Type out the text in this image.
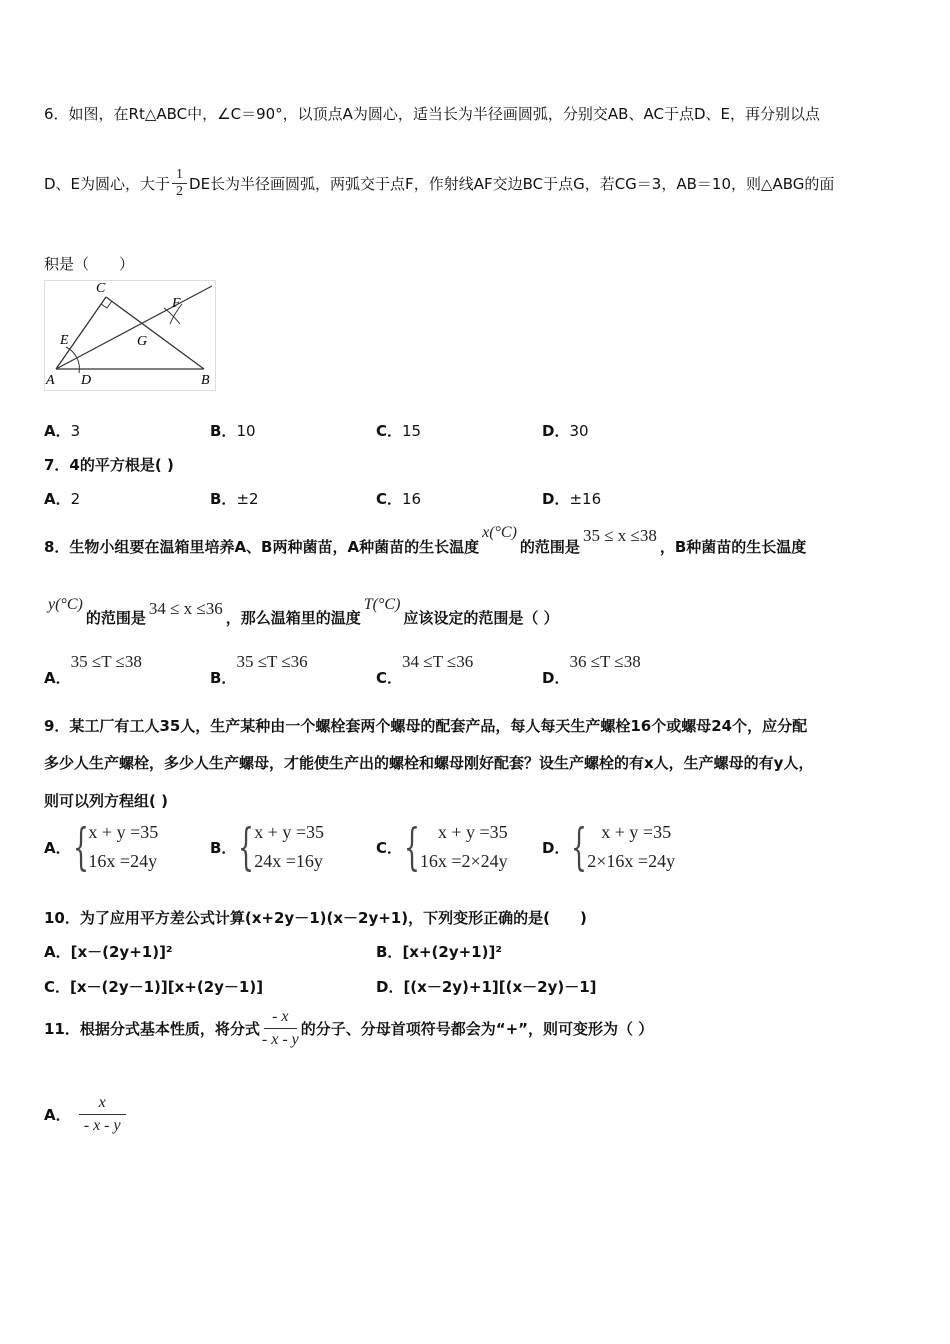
6．如图，在Rt△ABC中，∠C＝90°，以顶点A为圆心，适当长为半径画圆弧，分别交AB、AC于点D、E，再分别以点
D、E为圆心，大于 $\frac{1}{2}$ DE长为半径画圆弧，两弧交于点F，作射线AF交边BC于点G，若CG＝3，AB＝10，则△ABG的面
积是（　　）
C
F
E	G
A D	B
A．3	B．10	C．15	D．30
7．4的平方根是( )
A．2	B．±2	C．16	D．±16
8．生物小组要在温箱里培养A、B两种菌苗，A种菌苗的生长温度
x(°C)
的范围是
35 ≤ x ≤38
，B种菌苗的生长温度
y(°C)
的范围是 34 ≤ x ≤36 ，那么温箱里的温度
T(°C)
应该设定的范围是（ ）
A．
35 ≤T ≤38
B．
35 ≤T ≤36
C．
34 ≤T ≤36
D．
36 ≤T ≤38
9．某工厂有工人35人，生产某种由一个螺栓套两个螺母的配套产品，每人每天生产螺栓16个或螺母24个，应分配
多少人生产螺栓，多少人生产螺母，才能使生产出的螺栓和螺母刚好配套？设生产螺栓的有x人，生产螺母的有y人，
则可以列方程组( )
A． { x + y =35
16x =24y
B． { x + y =35
24x =16y
C． { x + y =35
16x =2×24y
D． { x + y =35
2×16x =24y
10．为了应用平方差公式计算(x+2y－1)(x－2y+1)，下列变形正确的是(　　)
A．[x－(2y+1)]²	B．[x+(2y+1)]²
C．[x－(2y－1)][x+(2y－1)]	D．[(x－2y)+1][(x－2y)－1]
11．根据分式基本性质，将分式 $\frac{- x}{- x - y}$ 的分子、分母首项符号都会为“+”，则可变形为（ ）
A． $\frac{x}{- x - y}$
